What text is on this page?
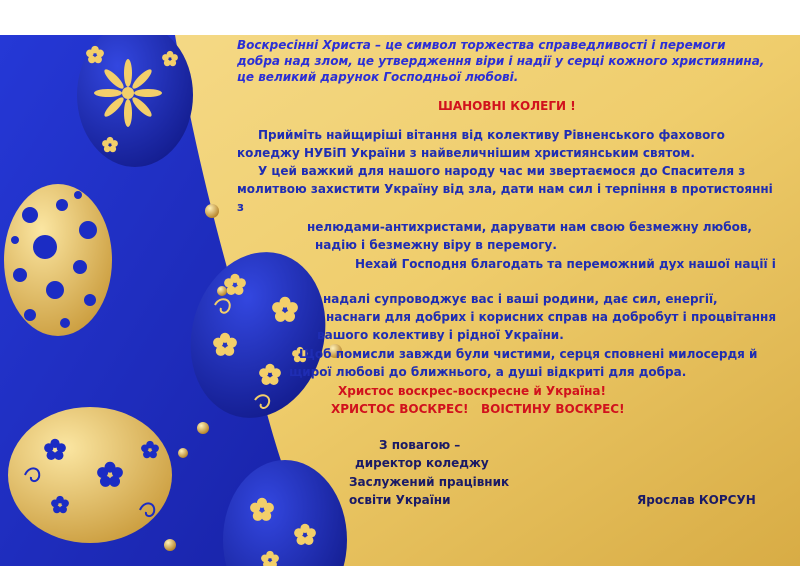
Воскресінні Христа – це символ торжества справедливості і перемоги

добра над злом, це утвердження віри і надії у серці кожного християнина,

це великий дарунок Господньої любові.

ШАНОВНІ КОЛЕГИ !

Прийміть найщиріші вітання від колективу Рівненського фахового

коледжу НУБіП України з найвеличнішим християнським святом.

У цей важкий для нашого народу час ми звертаємося до Спасителя з

молитвою захистити Україну від зла, дати нам сил і терпіння в протистоянні

з

нелюдами-антихристами, дарувати нам свою безмежну любов,

надію і безмежну віру в перемогу.

Нехай Господня благодать та переможний дух нашої нації і

надалі супроводжує вас і ваші родини, дає сил, енергії,

наснаги для добрих і корисних справ на добробут і процвітання

вашого колективу і рідної України.

Щоб помисли завжди були чистими, серця сповнені милосердя й

щирої любові до ближнього, а душі відкриті для добра.

Христос воскрес-воскресне й Україна!

ХРИСТОС ВОСКРЕС!   ВОІСТИНУ ВОСКРЕС!

З повагою –

директор коледжу

Заслужений працівник

освіти України	Ярослав КОРСУН
